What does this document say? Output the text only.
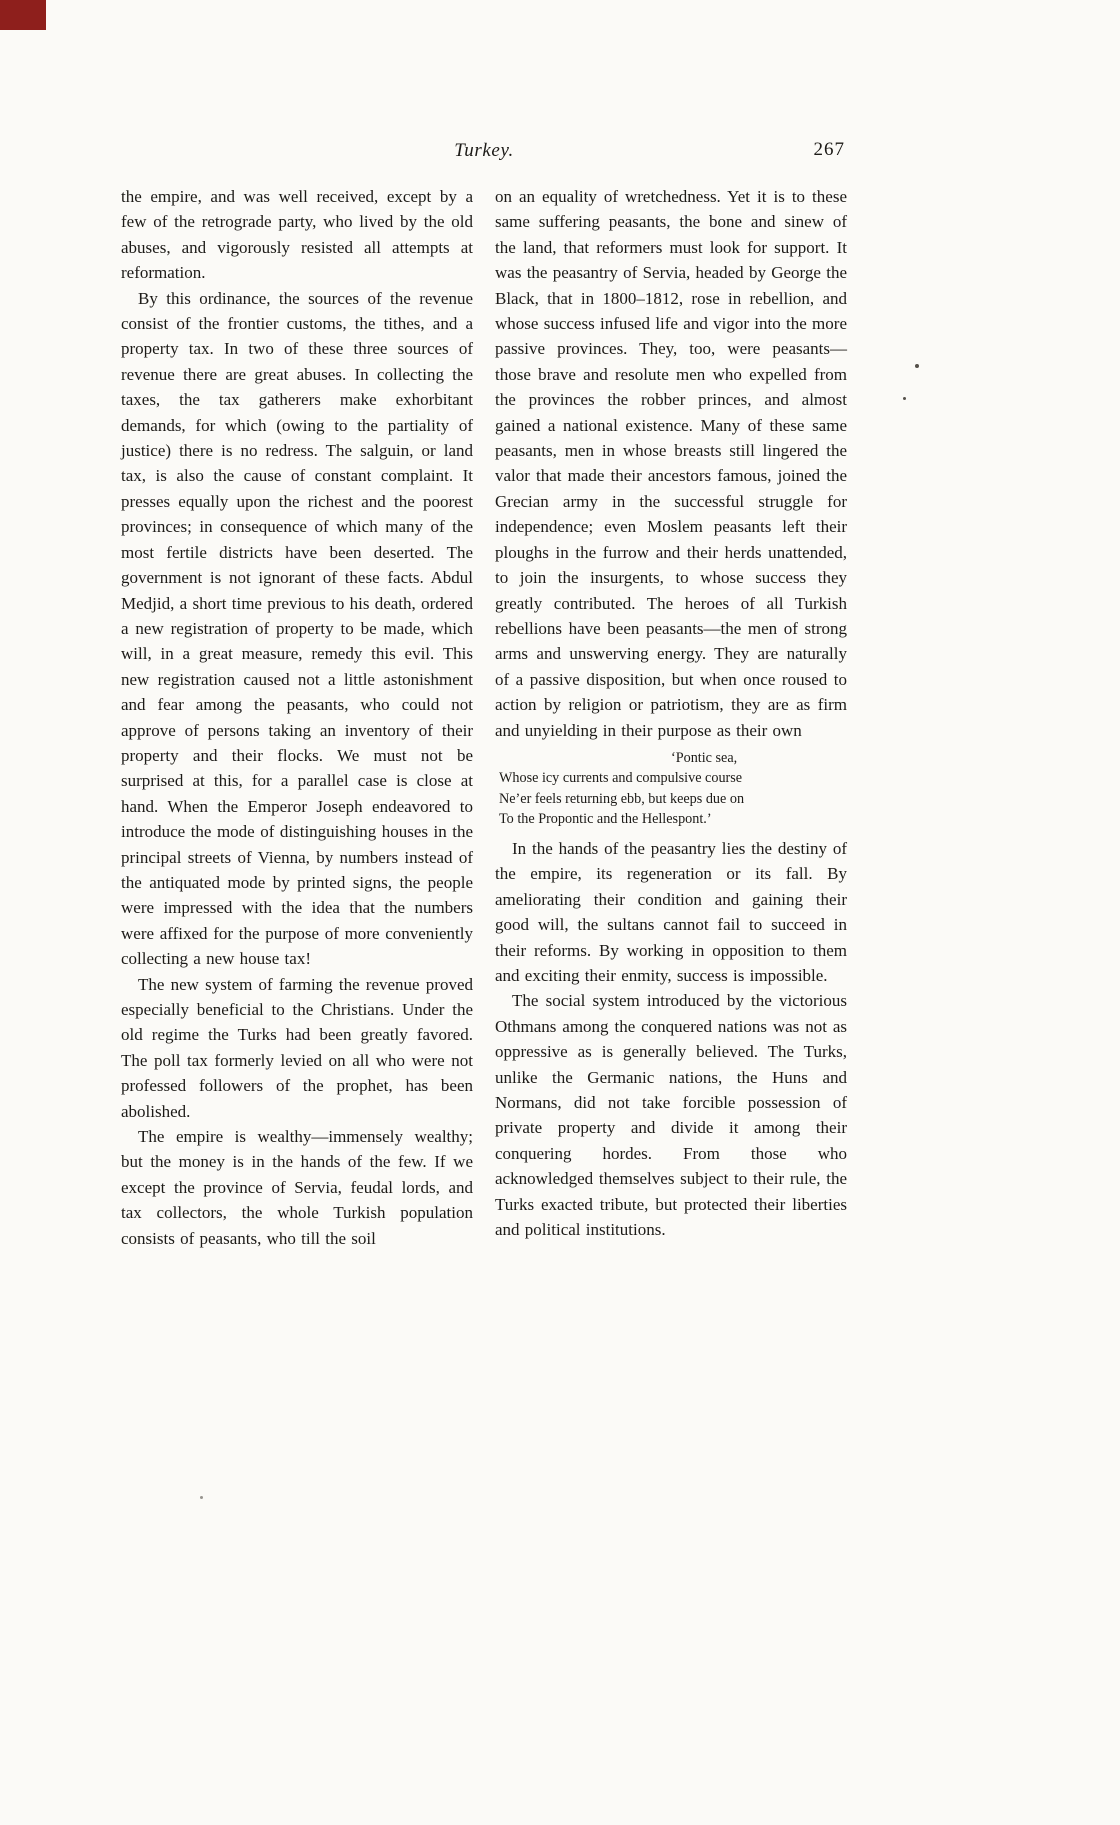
Turkey.	267

the empire, and was well received, except by a few of the retrograde party, who lived by the old abuses, and vigorously resisted all attempts at reformation.

By this ordinance, the sources of the revenue consist of the frontier customs, the tithes, and a property tax. In two of these three sources of revenue there are great abuses. In collecting the taxes, the tax gatherers make exhorbitant demands, for which (owing to the partiality of justice) there is no redress. The salguin, or land tax, is also the cause of constant complaint. It presses equally upon the richest and the poorest provinces; in consequence of which many of the most fertile districts have been deserted. The government is not ignorant of these facts. Abdul Medjid, a short time previous to his death, ordered a new registration of property to be made, which will, in a great measure, remedy this evil. This new registration caused not a little astonishment and fear among the peasants, who could not approve of persons taking an inventory of their property and their flocks. We must not be surprised at this, for a parallel case is close at hand. When the Emperor Joseph endeavored to introduce the mode of distinguishing houses in the principal streets of Vienna, by numbers instead of the antiquated mode by printed signs, the people were impressed with the idea that the numbers were affixed for the purpose of more conveniently collecting a new house tax!

The new system of farming the revenue proved especially beneficial to the Christians. Under the old regime the Turks had been greatly favored. The poll tax formerly levied on all who were not professed followers of the prophet, has been abolished.

The empire is wealthy—immensely wealthy; but the money is in the hands of the few. If we except the province of Servia, feudal lords, and tax collectors, the whole Turkish population consists of peasants, who till the soil

on an equality of wretchedness. Yet it is to these same suffering peasants, the bone and sinew of the land, that reformers must look for support. It was the peasantry of Servia, headed by George the Black, that in 1800–1812, rose in rebellion, and whose success infused life and vigor into the more passive provinces. They, too, were peasants—those brave and resolute men who expelled from the provinces the robber princes, and almost gained a national existence. Many of these same peasants, men in whose breasts still lingered the valor that made their ancestors famous, joined the Grecian army in the successful struggle for independence; even Moslem peasants left their ploughs in the furrow and their herds unattended, to join the insurgents, to whose success they greatly contributed. The heroes of all Turkish rebellions have been peasants—the men of strong arms and unswerving energy. They are naturally of a passive disposition, but when once roused to action by religion or patriotism, they are as firm and unyielding in their purpose as their own

‘Pontic sea,
Whose icy currents and compulsive course
Ne’er feels returning ebb, but keeps due on
To the Propontic and the Hellespont.’

In the hands of the peasantry lies the destiny of the empire, its regeneration or its fall. By ameliorating their condition and gaining their good will, the sultans cannot fail to succeed in their reforms. By working in opposition to them and exciting their enmity, success is impossible.

The social system introduced by the victorious Othmans among the conquered nations was not as oppressive as is generally believed. The Turks, unlike the Germanic nations, the Huns and Normans, did not take forcible possession of private property and divide it among their conquering hordes. From those who acknowledged themselves subject to their rule, the Turks exacted tribute, but protected their liberties and political institutions.
